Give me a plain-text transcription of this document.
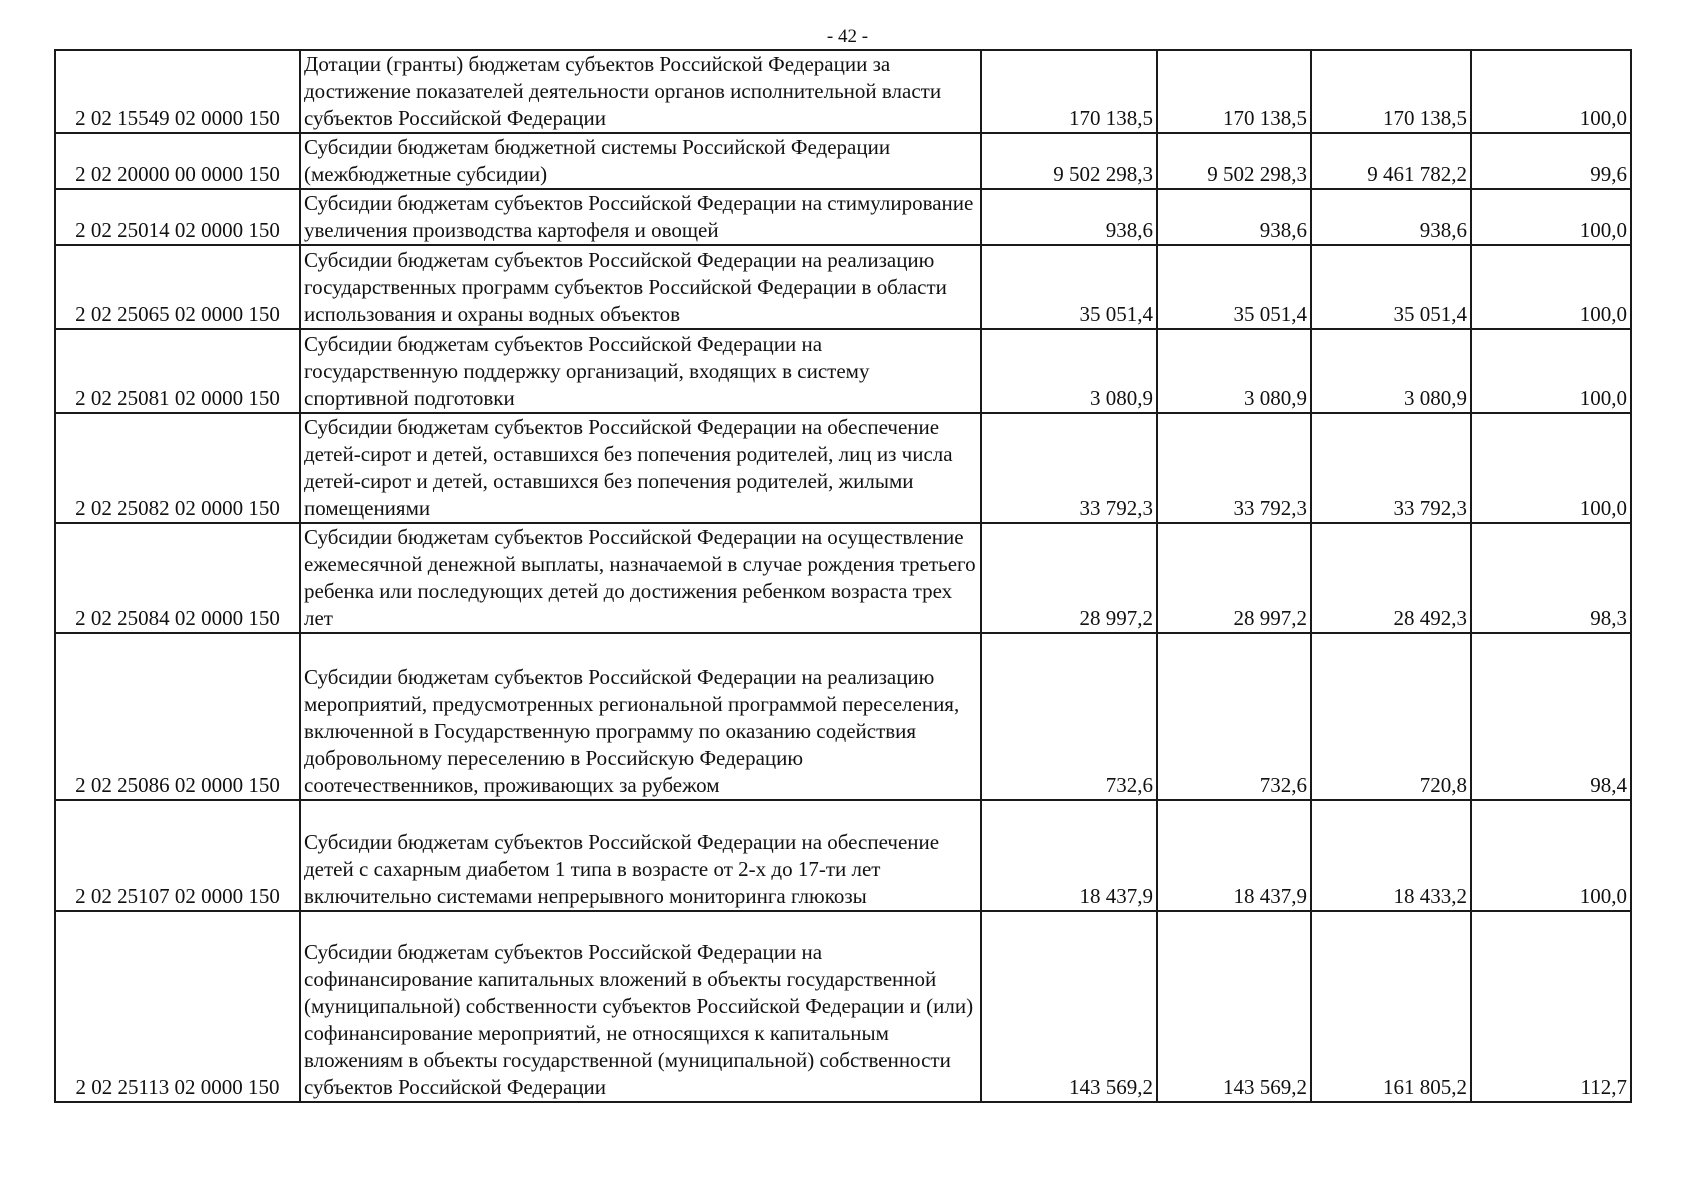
- 42 -
2 02 15549 02 0000 150	Дотации (гранты) бюджетам субъектов Российской Федерации за достижение показателей деятельности органов исполнительной власти субъектов Российской Федерации	170 138,5	170 138,5	170 138,5	100,0
2 02 20000 00 0000 150	Субсидии бюджетам бюджетной системы Российской Федерации (межбюджетные субсидии)	9 502 298,3	9 502 298,3	9 461 782,2	99,6
2 02 25014 02 0000 150	Субсидии бюджетам субъектов Российской Федерации на стимулирование увеличения производства картофеля и овощей	938,6	938,6	938,6	100,0
2 02 25065 02 0000 150	Субсидии бюджетам субъектов Российской Федерации на реализацию государственных программ субъектов Российской Федерации в области использования и охраны водных объектов	35 051,4	35 051,4	35 051,4	100,0
2 02 25081 02 0000 150	Субсидии бюджетам субъектов Российской Федерации на государственную поддержку организаций, входящих в систему спортивной подготовки	3 080,9	3 080,9	3 080,9	100,0
2 02 25082 02 0000 150	Субсидии бюджетам субъектов Российской Федерации на обеспечение детей-сирот и детей, оставшихся без попечения родителей, лиц из числа детей-сирот и детей, оставшихся без попечения родителей, жилыми помещениями	33 792,3	33 792,3	33 792,3	100,0
2 02 25084 02 0000 150	Субсидии бюджетам субъектов Российской Федерации на осуществление ежемесячной денежной выплаты, назначаемой в случае рождения третьего ребенка или последующих детей до достижения ребенком возраста трех лет	28 997,2	28 997,2	28 492,3	98,3
2 02 25086 02 0000 150	Субсидии бюджетам субъектов Российской Федерации на реализацию мероприятий, предусмотренных региональной программой переселения, включенной в Государственную программу по оказанию содействия добровольному переселению в Российскую Федерацию соотечественников, проживающих за рубежом	732,6	732,6	720,8	98,4
2 02 25107 02 0000 150	Субсидии бюджетам субъектов Российской Федерации на обеспечение детей с сахарным диабетом 1 типа в возрасте от 2-х до 17-ти лет включительно системами непрерывного мониторинга глюкозы	18 437,9	18 437,9	18 433,2	100,0
2 02 25113 02 0000 150	Субсидии бюджетам субъектов Российской Федерации на софинансирование капитальных вложений в объекты государственной (муниципальной) собственности субъектов Российской Федерации и (или) софинансирование мероприятий, не относящихся к капитальным вложениям в объекты государственной (муниципальной) собственности субъектов Российской Федерации	143 569,2	143 569,2	161 805,2	112,7
